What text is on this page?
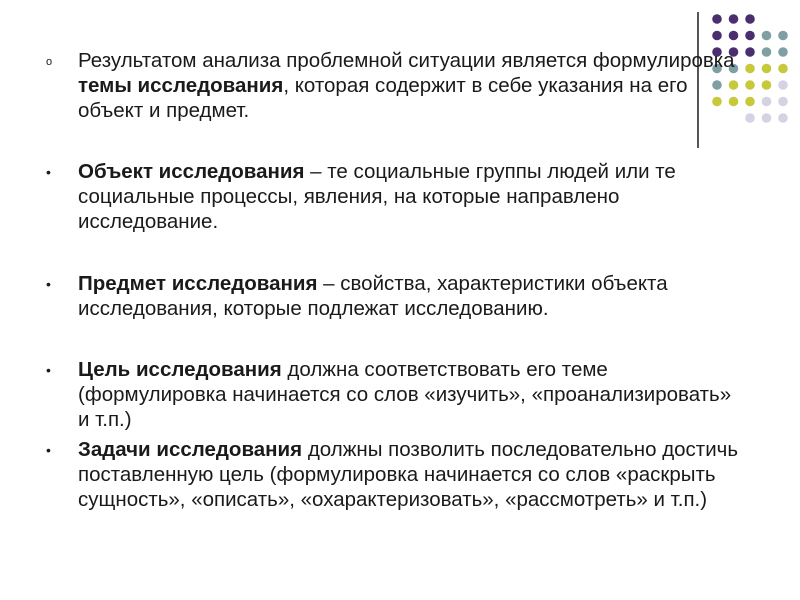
o Результатом анализа проблемной ситуации является формулировка темы исследования, которая содержит в себе указания на его объект и предмет.
• Объект исследования – те социальные группы людей или те социальные процессы, явления, на которые направлено исследование.
• Предмет исследования – свойства, характеристики объекта исследования, которые подлежат исследованию.
• Цель исследования должна соответствовать его теме (формулировка начинается со слов «изучить», «проанализировать» и т.п.)
• Задачи исследования должны позволить последовательно достичь поставленную цель (формулировка начинается со слов «раскрыть сущность», «описать», «охарактеризовать», «рассмотреть» и т.п.)
